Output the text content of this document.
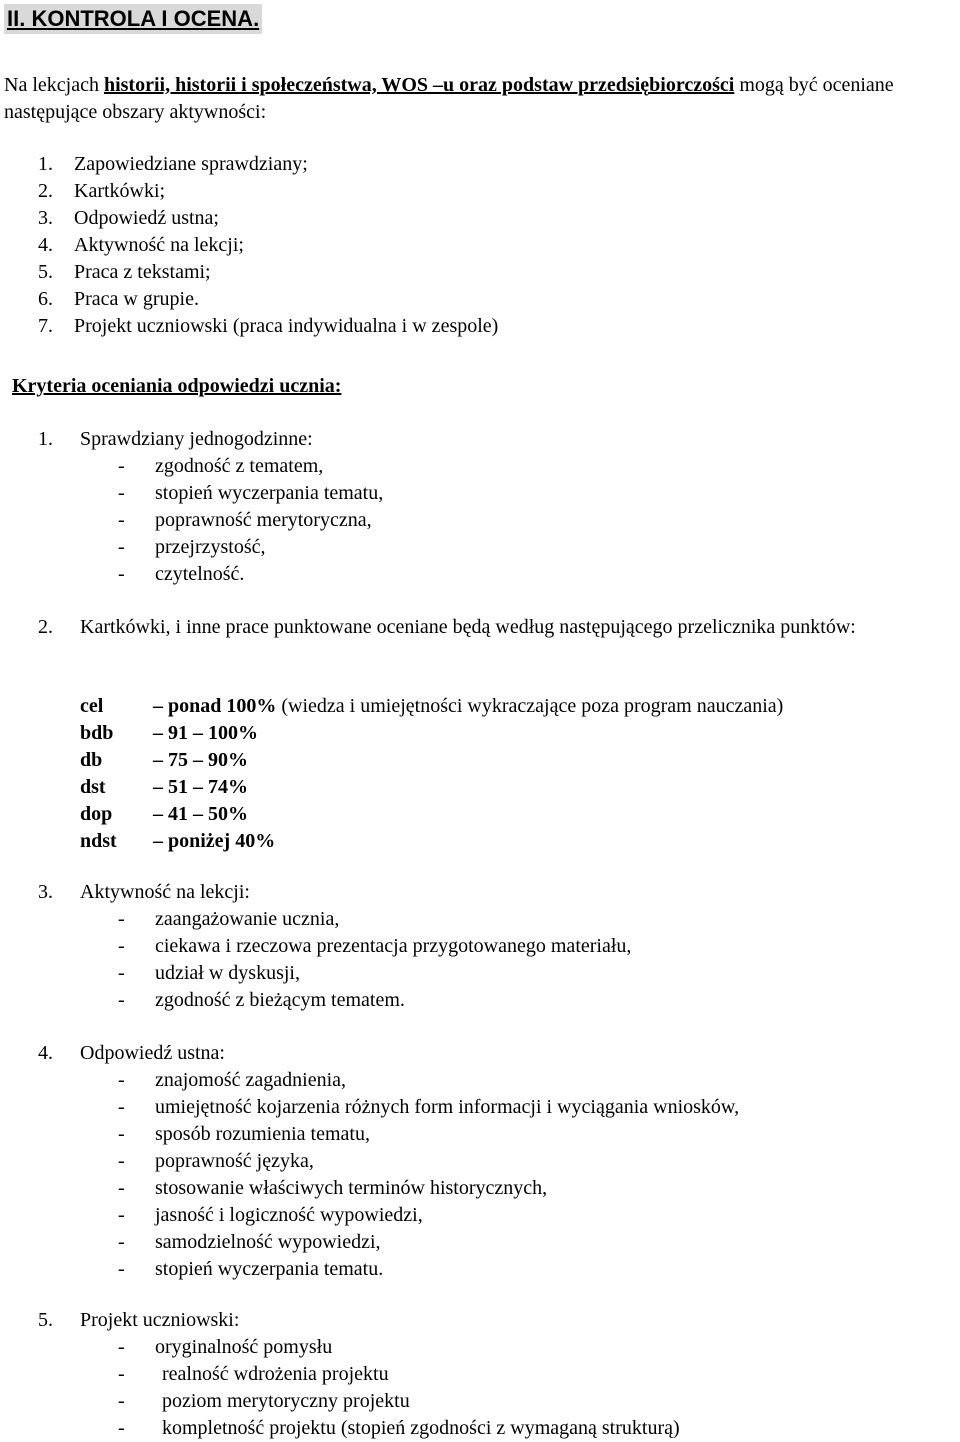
II. KONTROLA I OCENA.
Na lekcjach historii, historii i społeczeństwa, WOS –u oraz podstaw przedsiębiorczości mogą być oceniane następujące obszary aktywności:
1. Zapowiedziane sprawdziany;
2. Kartkówki;
3. Odpowiedź ustna;
4. Aktywność na lekcji;
5. Praca z tekstami;
6. Praca w grupie.
7. Projekt uczniowski (praca indywidualna i w zespole)
Kryteria oceniania odpowiedzi ucznia:
1. Sprawdziany jednogodzinne:
- zgodność z tematem,
- stopień wyczerpania tematu,
- poprawność merytoryczna,
- przejrzystość,
- czytelność.
2. Kartkówki, i inne prace punktowane oceniane będą według następującego przelicznika punktów:
cel – ponad 100% (wiedza i umiejętności wykraczające poza program nauczania)
bdb – 91 – 100%
db	– 75 – 90%
dst – 51 – 74%
dop – 41 – 50%
ndst – poniżej 40%
3. Aktywność na lekcji:
- zaangażowanie ucznia,
- ciekawa i rzeczowa prezentacja przygotowanego materiału,
- udział w dyskusji,
- zgodność z bieżącym tematem.
4. Odpowiedź ustna:
- znajomość zagadnienia,
- umiejętność kojarzenia różnych form informacji i wyciągania wniosków,
- sposób rozumienia tematu,
- poprawność języka,
- stosowanie właściwych terminów historycznych,
- jasność i logiczność wypowiedzi,
- samodzielność wypowiedzi,
- stopień wyczerpania tematu.
5. Projekt uczniowski:
- oryginalność pomysłu
- realność wdrożenia projektu
- poziom merytoryczny projektu
- kompletność projektu (stopień zgodności z wymaganą strukturą)
